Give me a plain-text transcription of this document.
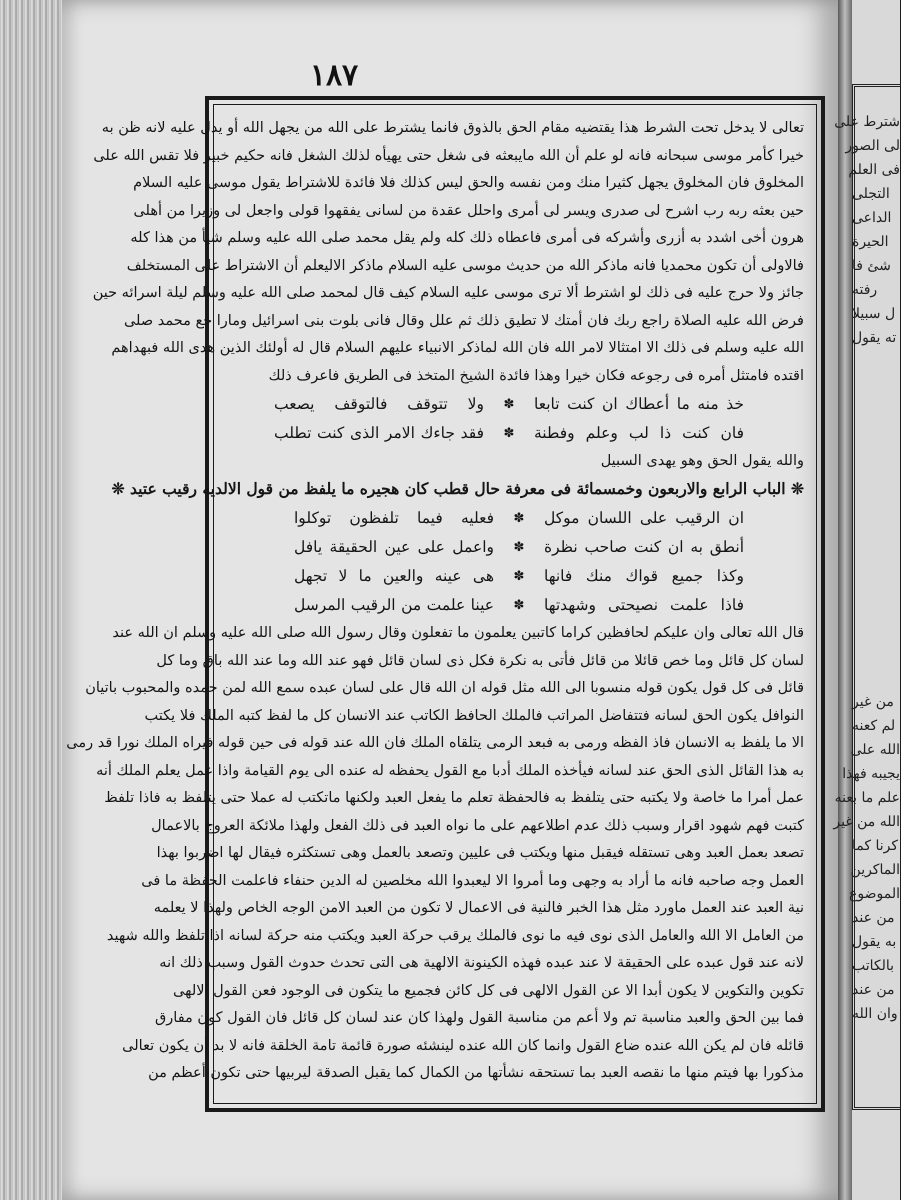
١٨٧
تعالى لا يدخل تحت الشرط هذا يقتضيه مقام الحق بالذوق فانما يشترط على الله من يجهل الله أو يدل عليه لانه ظن به
خيرا كأمر موسى سبحانه فانه لو علم أن الله مايبعثه فى شغل حتى يهيأه لذلك الشغل فانه حكيم خبير فلا تقس الله على
المخلوق فان المخلوق يجهل كثيرا منك ومن نفسه والحق ليس كذلك فلا فائدة للاشتراط يقول موسى عليه السلام
حين بعثه ربه رب اشرح لى صدرى ويسر لى أمرى واحلل عقدة من لسانى يفقهوا قولى واجعل لى وزيرا من أهلى
هرون أخى اشدد به أزرى وأشركه فى أمرى فاعطاه ذلك كله ولم يقل محمد صلى الله عليه وسلم شيأ من هذا كله
فالاولى أن تكون محمديا فانه ماذكر الله من حديث موسى عليه السلام ماذكر الاليعلم أن الاشتراط على المستخلف
جائز ولا حرج عليه فى ذلك لو اشترط ألا ترى موسى عليه السلام كيف قال لمحمد صلى الله عليه وسلم ليلة اسرائه حين
فرض الله عليه الصلاة راجع ربك فان أمتك لا تطيق ذلك ثم علل وقال فانى بلوت بنى اسرائيل ومارا جع محمد صلى
الله عليه وسلم فى ذلك الا امتثالا لامر الله فان الله لماذكر الانبياء عليهم السلام قال له أولئك الذين هدى الله فبهداهم
اقتده فامتثل أمره فى رجوعه فكان خيرا وهذا فائدة الشيخ المتخذ فى الطريق فاعرف ذلك
خذ منه ما أعطاك ان كنت تابعا
✽
ولا تتوقف فالتوقف يصعب
فان كنت ذا لب وعلم وفطنة
✽
فقد جاءك الامر الذى كنت تطلب
والله يقول الحق وهو يهدى السبيل
❊ الباب الرابع والاربعون وخمسمائة فى معرفة حال قطب كان هجيره ما يلفظ من قول الالديه رقيب عتيد ❊
ان الرقيب على اللسان موكل
✽
فعليه فيما تلفظون توكلوا
أنطق به ان كنت صاحب نظرة
✽
واعمل على عين الحقيقة يافل
وكذا جميع قواك منك فانها
✽
هى عينه والعين ما لا تجهل
فاذا علمت نصيحتى وشهدتها
✽
عينا علمت من الرقيب المرسل
قال الله تعالى وان عليكم لحافظين كراما كاتبين يعلمون ما تفعلون وقال رسول الله صلى الله عليه وسلم ان الله عند
لسان كل قائل وما خص قائلا من قائل فأتى به نكرة فكل ذى لسان قائل فهو عند الله وما عند الله باق وما كل
قائل فى كل قول يكون قوله منسوبا الى الله مثل قوله ان الله قال على لسان عبده سمع الله لمن حمده والمحبوب باتيان
النوافل يكون الحق لسانه فتتفاضل المراتب فالملك الحافظ الكاتب عند الانسان كل ما لفظ كتبه الملك فلا يكتب
الا ما يلفظ به الانسان فاذ الفظه ورمى به فبعد الرمى يتلقاه الملك فان الله عند قوله فى حين قوله فيراه الملك نورا قد رمى
به هذا القائل الذى الحق عند لسانه فيأخذه الملك أدبا مع القول يحفظه له عنده الى يوم القيامة واذا عمل يعلم الملك أنه
عمل أمرا ما خاصة ولا يكتبه حتى يتلفظ به فالحفظة تعلم ما يفعل العبد ولكنها ماتكتب له عملا حتى يتلفظ به فاذا تلفظ
كتبت فهم شهود اقرار وسبب ذلك عدم اطلاعهم على ما نواه العبد فى ذلك الفعل ولهذا ملائكة العروج بالاعمال
تصعد بعمل العبد وهى تستقله فيقبل منها ويكتب فى عليين وتصعد بالعمل وهى تستكثره فيقال لها اضربوا بهذا
العمل وجه صاحبه فانه ما أراد به وجهى وما أمروا الا ليعبدوا الله مخلصين له الدين حنفاء فاعلمت الحفظة ما فى
نية العبد عند العمل ماورد مثل هذا الخبر فالنية فى الاعمال لا تكون من العبد الامن الوجه الخاص ولهذا لا يعلمه
من العامل الا الله والعامل الذى نوى فيه ما نوى فالملك يرقب حركة العبد ويكتب منه حركة لسانه اذا تلفظ والله شهيد
لانه عند قول عبده على الحقيقة لا عند عبده فهذه الكينونة الالهية هى التى تحدث حدوث القول وسبب ذلك انه
تكوين والتكوين لا يكون أبدا الا عن القول الالهى فى كل كائن فجميع ما يتكون فى الوجود فعن القول الالهى
فما بين الحق والعبد مناسبة تم ولا أعم من مناسبة القول ولهذا كان عند لسان كل قائل فان القول كون مفارق
قائله فان لم يكن الله عنده ضاع القول وانما كان الله عنده لينشئه صورة قائمة تامة الخلقة فانه لا بد أن يكون تعالى
مذكورا بها فيتم منها ما نقصه العبد بما تستحقه نشأتها من الكمال كما يقبل الصدقة ليربيها حتى تكون أعظم من
شترط على
لى الصور
فى العلم
التجلى
الداعى
الحيرة
شئ فا
رفته
ل سبيلا
ته يقول
من غير
لم كعنه
الله على
يجيبه فهذا
علم ما بعنه
الله من غير
كرنا كما
الماكرين
الموضوع
من عند
به يقول
بالكاتب
من عند
وان الله
